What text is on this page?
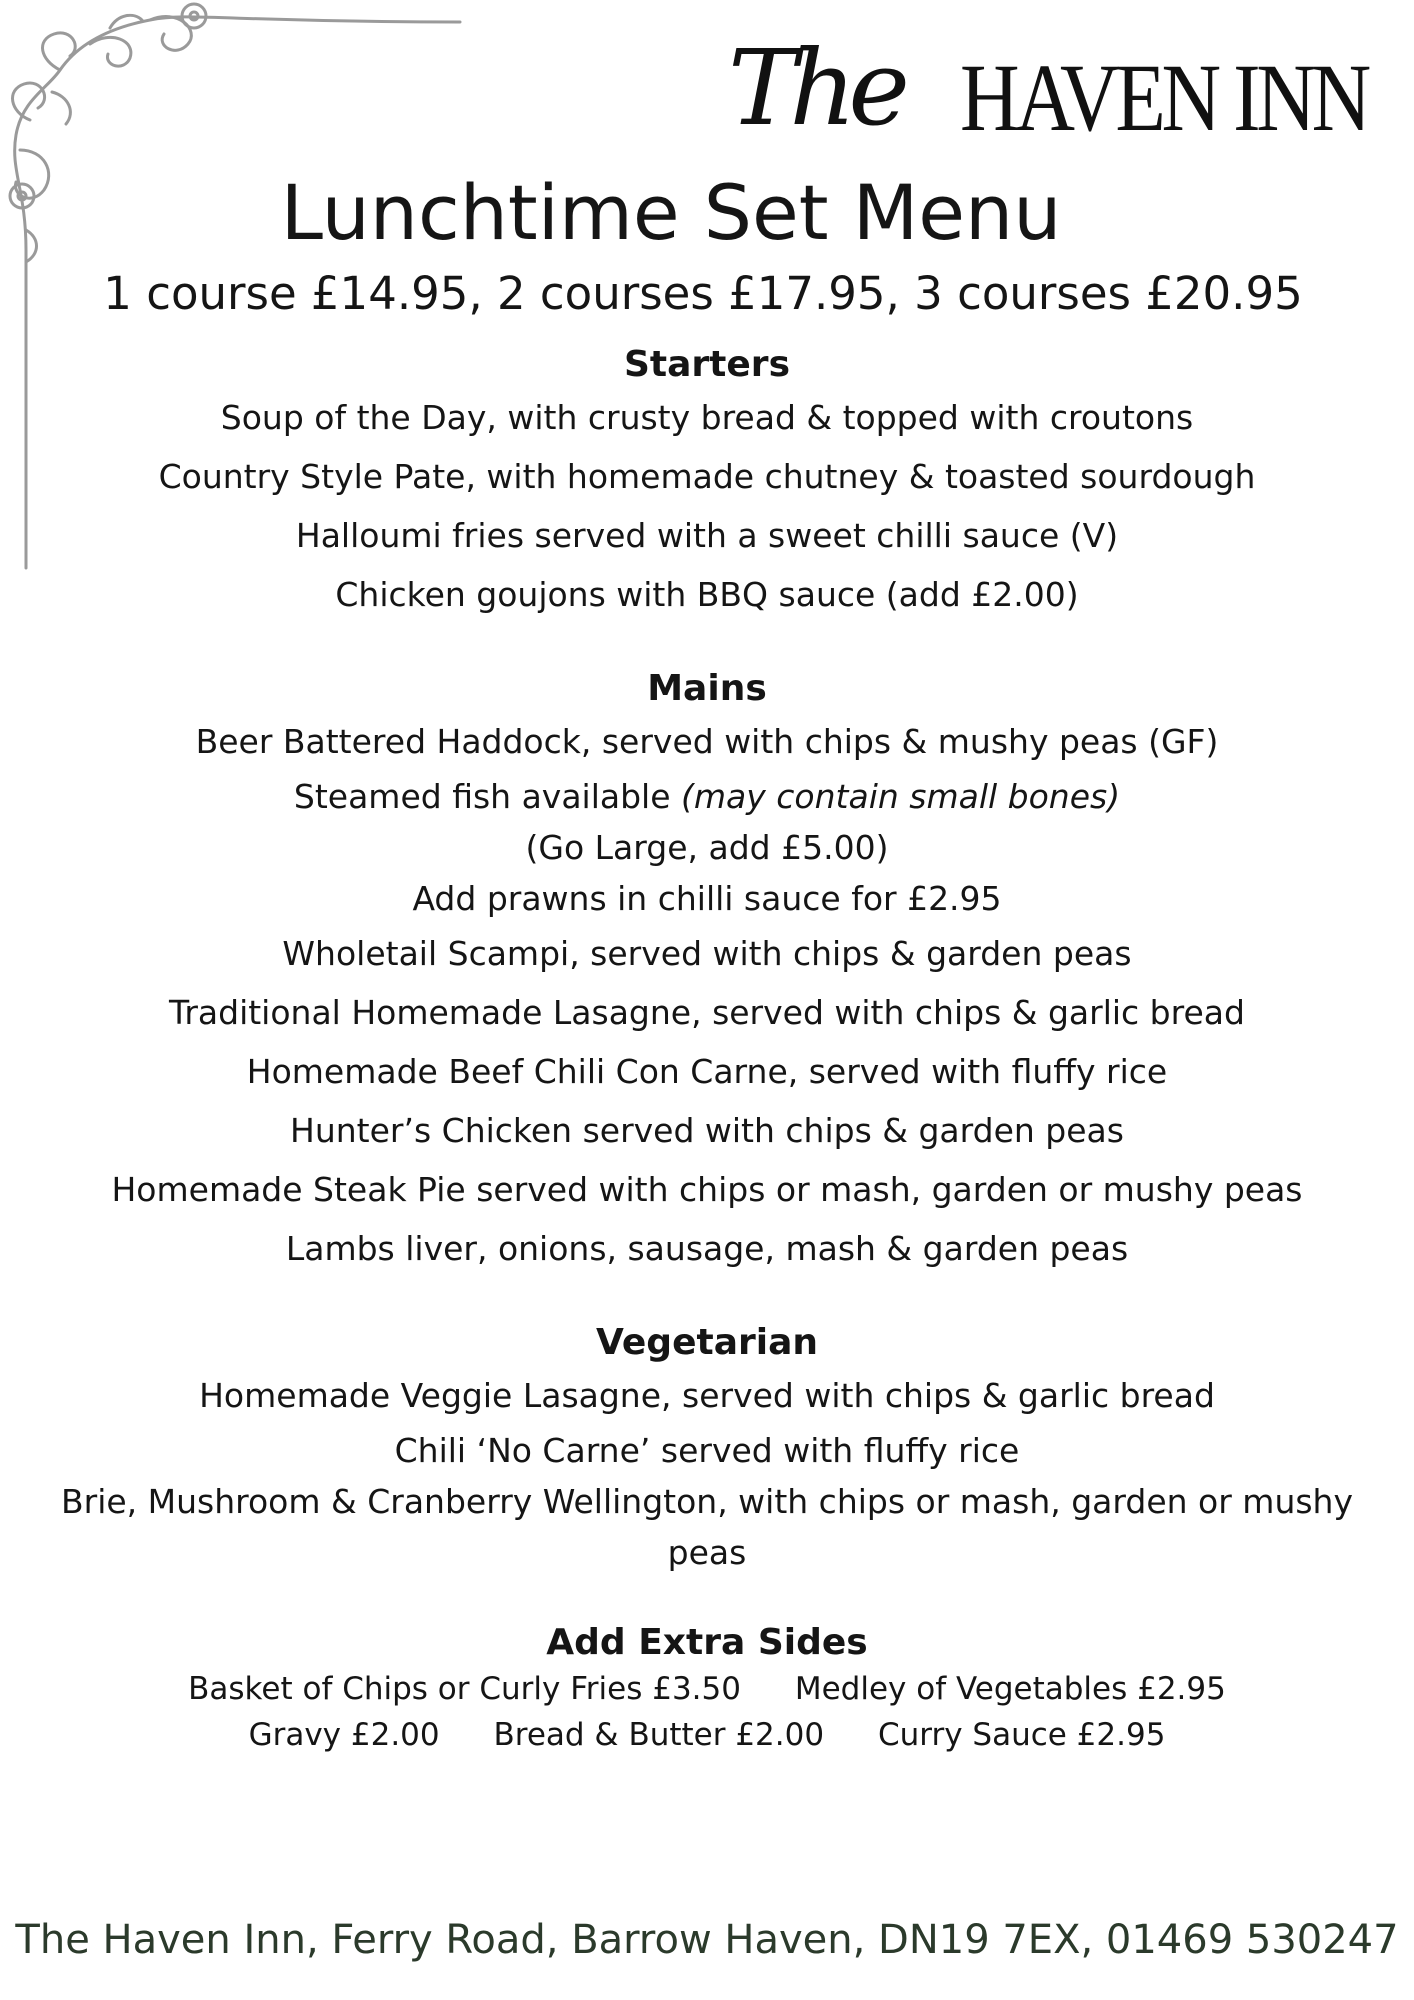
The HAVEN INN
Lunchtime Set Menu
1 course £14.95, 2 courses £17.95, 3 courses £20.95
Starters
Soup of the Day, with crusty bread & topped with croutons
Country Style Pate, with homemade chutney & toasted sourdough
Halloumi fries served with a sweet chilli sauce (V)
Chicken goujons with BBQ sauce (add £2.00)
Mains
Beer Battered Haddock, served with chips & mushy peas (GF)
Steamed fish available (may contain small bones)
(Go Large, add £5.00)
Add prawns in chilli sauce for £2.95
Wholetail Scampi, served with chips & garden peas
Traditional Homemade Lasagne, served with chips & garlic bread
Homemade Beef Chili Con Carne, served with fluffy rice
Hunter’s Chicken served with chips & garden peas
Homemade Steak Pie served with chips or mash, garden or mushy peas
Lambs liver, onions, sausage, mash & garden peas
Vegetarian
Homemade Veggie Lasagne, served with chips & garlic bread
Chili ‘No Carne’ served with fluffy rice
Brie, Mushroom & Cranberry Wellington, with chips or mash, garden or mushy peas
Add Extra Sides
Basket of Chips or Curly Fries £3.50 Medley of Vegetables £2.95
Gravy £2.00 Bread & Butter £2.00 Curry Sauce £2.95
The Haven Inn, Ferry Road, Barrow Haven, DN19 7EX, 01469 530247
